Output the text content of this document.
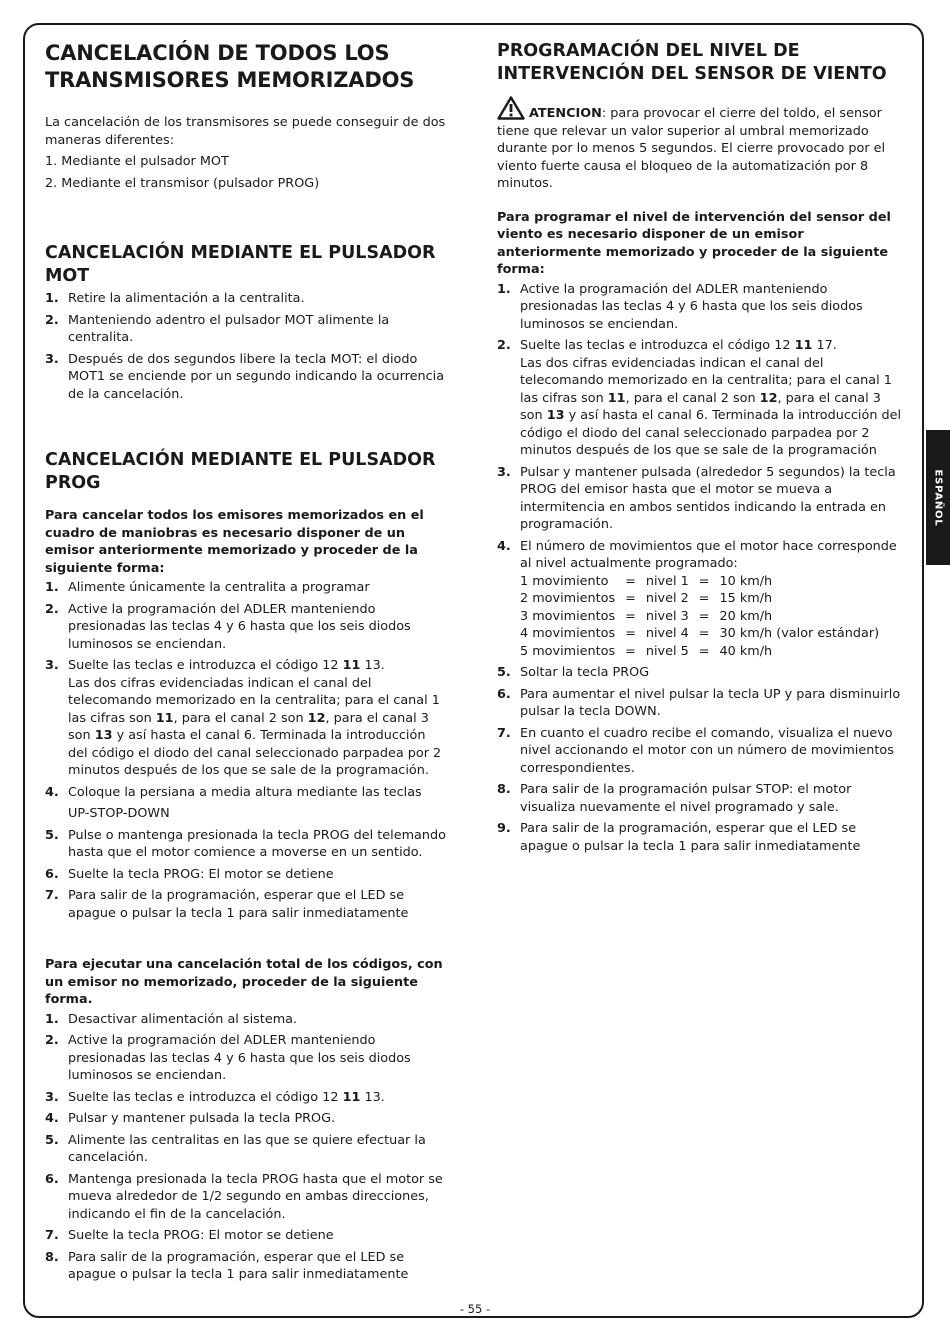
CANCELACIÓN DE TODOS LOS TRANSMISORES MEMORIZADOS

La cancelación de los transmisores se puede conseguir de dos maneras diferentes:

1. Mediante el pulsador MOT

2. Mediante el transmisor (pulsador PROG)

CANCELACIÓN MEDIANTE EL PULSADOR MOT
1. Retire la alimentación a la centralita.
2. Manteniendo adentro el pulsador MOT alimente la centralita.
3. Después de dos segundos libere la tecla MOT: el diodo MOT1 se enciende por un segundo indicando la ocurrencia de la cancelación.
CANCELACIÓN MEDIANTE EL PULSADOR PROG

Para cancelar todos los emisores memorizados en el cuadro de maniobras es necesario disponer de un emisor anteriormente memorizado y proceder de la siguiente forma:

1. Alimente únicamente la centralita a programar
2. Active la programación del ADLER manteniendo presionadas las teclas 4 y 6 hasta que los seis diodos luminosos se enciendan.
3. Suelte las teclas e introduzca el código 12 11 13.
Las dos cifras evidenciadas indican el canal del telecomando memorizado en la centralita; para el canal 1 las cifras son 11, para el canal 2 son 12, para el canal 3 son 13 y así hasta el canal 6. Terminada la introducción del código el diodo del canal seleccionado parpadea por 2 minutos después de los que se sale de la programación.
4. Coloque la persiana a media altura mediante las teclas
UP-STOP-DOWN
5. Pulse o mantenga presionada la tecla PROG del telemando hasta que el motor comience a moverse en un sentido.
6. Suelte la tecla PROG: El motor se detiene
7. Para salir de la programación, esperar que el LED se apague o pulsar la tecla 1 para salir inmediatamente

Para ejecutar una cancelación total de los códigos, con un emisor no memorizado, proceder de la siguiente forma.

1. Desactivar alimentación al sistema.
2. Active la programación del ADLER manteniendo presionadas las teclas 4 y 6 hasta que los seis diodos luminosos se enciendan.
3. Suelte las teclas e introduzca el código 12 11 13.
4. Pulsar y mantener pulsada la tecla PROG.
5. Alimente las centralitas en las que se quiere efectuar la cancelación.
6. Mantenga presionada la tecla PROG hasta que el motor se mueva alrededor de 1/2 segundo en ambas direcciones, indicando el fin de la cancelación.
7. Suelte la tecla PROG: El motor se detiene
8. Para salir de la programación, esperar que el LED se apague o pulsar la tecla 1 para salir inmediatamente
PROGRAMACIÓN DEL NIVEL DE INTERVENCIÓN DEL SENSOR DE VIENTO

ATENCION: para provocar el cierre del toldo, el sensor tiene que relevar un valor superior al umbral memorizado durante por lo menos 5 segundos. El cierre provocado por el viento fuerte causa el bloqueo de la automatización por 8 minutos.

Para programar el nivel de intervención del sensor del viento es necesario disponer de un emisor anteriormente memorizado y proceder de la siguiente forma:

1. Active la programación del ADLER manteniendo presionadas las teclas 4 y 6 hasta que los seis diodos luminosos se enciendan.
2. Suelte las teclas e introduzca el código 12 11 17.
Las dos cifras evidenciadas indican el canal del telecomando memorizado en la centralita; para el canal 1 las cifras son 11, para el canal 2 son 12, para el canal 3 son 13 y así hasta el canal 6. Terminada la introducción del código el diodo del canal seleccionado parpadea por 2 minutos después de los que se sale de la programación
3. Pulsar y mantener pulsada (alrededor 5 segundos) la tecla PROG del emisor hasta que el motor se mueva a intermitencia en ambos sentidos indicando la entrada en programación.
4. El número de movimientos que el motor hace corresponde al nivel actualmente programado:
1 movimiento	=	nivel 1	=	10 km/h
2 movimientos	=	nivel 2	=	15 km/h
3 movimientos	=	nivel 3	=	20 km/h
4 movimientos	=	nivel 4	=	30 km/h (valor estándar)
5 movimientos	=	nivel 5	=	40 km/h
5. Soltar la tecla PROG
6. Para aumentar el nivel pulsar la tecla UP y para disminuirlo pulsar la tecla DOWN.
7. En cuanto el cuadro recibe el comando, visualiza el nuevo nivel accionando el motor con un número de movimientos correspondientes.
8. Para salir de la programación pulsar STOP: el motor visualiza nuevamente el nivel programado y sale.
9. Para salir de la programación, esperar que el LED se apague o pulsar la tecla 1 para salir inmediatamente
ESPAÑOL
- 55 -
